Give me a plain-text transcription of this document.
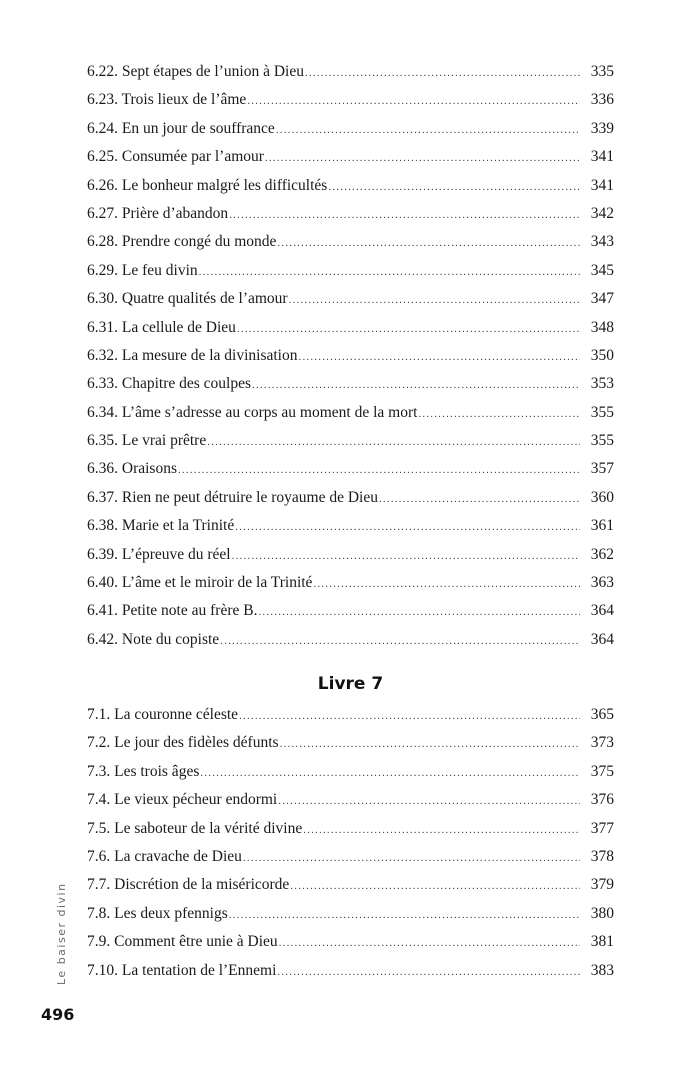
6.22. Sept étapes de l’union à Dieu .....	335
6.23. Trois lieux de l’âme .....	336
6.24. En un jour de souffrance .....	339
6.25. Consumée par l’amour .....	341
6.26. Le bonheur malgré les difficultés .....	341
6.27. Prière d’abandon .....	342
6.28. Prendre congé du monde .....	343
6.29. Le feu divin .....	345
6.30. Quatre qualités de l’amour .....	347
6.31. La cellule de Dieu .....	348
6.32. La mesure de la divinisation .....	350
6.33. Chapitre des coulpes .....	353
6.34. L’âme s’adresse au corps au moment de la mort .....	355
6.35. Le vrai prêtre .....	355
6.36. Oraisons .....	357
6.37. Rien ne peut détruire le royaume de Dieu .....	360
6.38. Marie et la Trinité .....	361
6.39. L’épreuve du réel .....	362
6.40. L’âme et le miroir de la Trinité .....	363
6.41. Petite note au frère B. .....	364
6.42. Note du copiste .....	364
Livre 7
7.1. La couronne céleste .....	365
7.2. Le jour des fidèles défunts .....	373
7.3. Les trois âges .....	375
7.4. Le vieux pécheur endormi .....	376
7.5. Le saboteur de la vérité divine .....	377
7.6. La cravache de Dieu .....	378
7.7. Discrétion de la miséricorde .....	379
7.8. Les deux pfennigs .....	380
7.9. Comment être unie à Dieu .....	381
7.10. La tentation de l’Ennemi .....	383
Le baiser divin
496
